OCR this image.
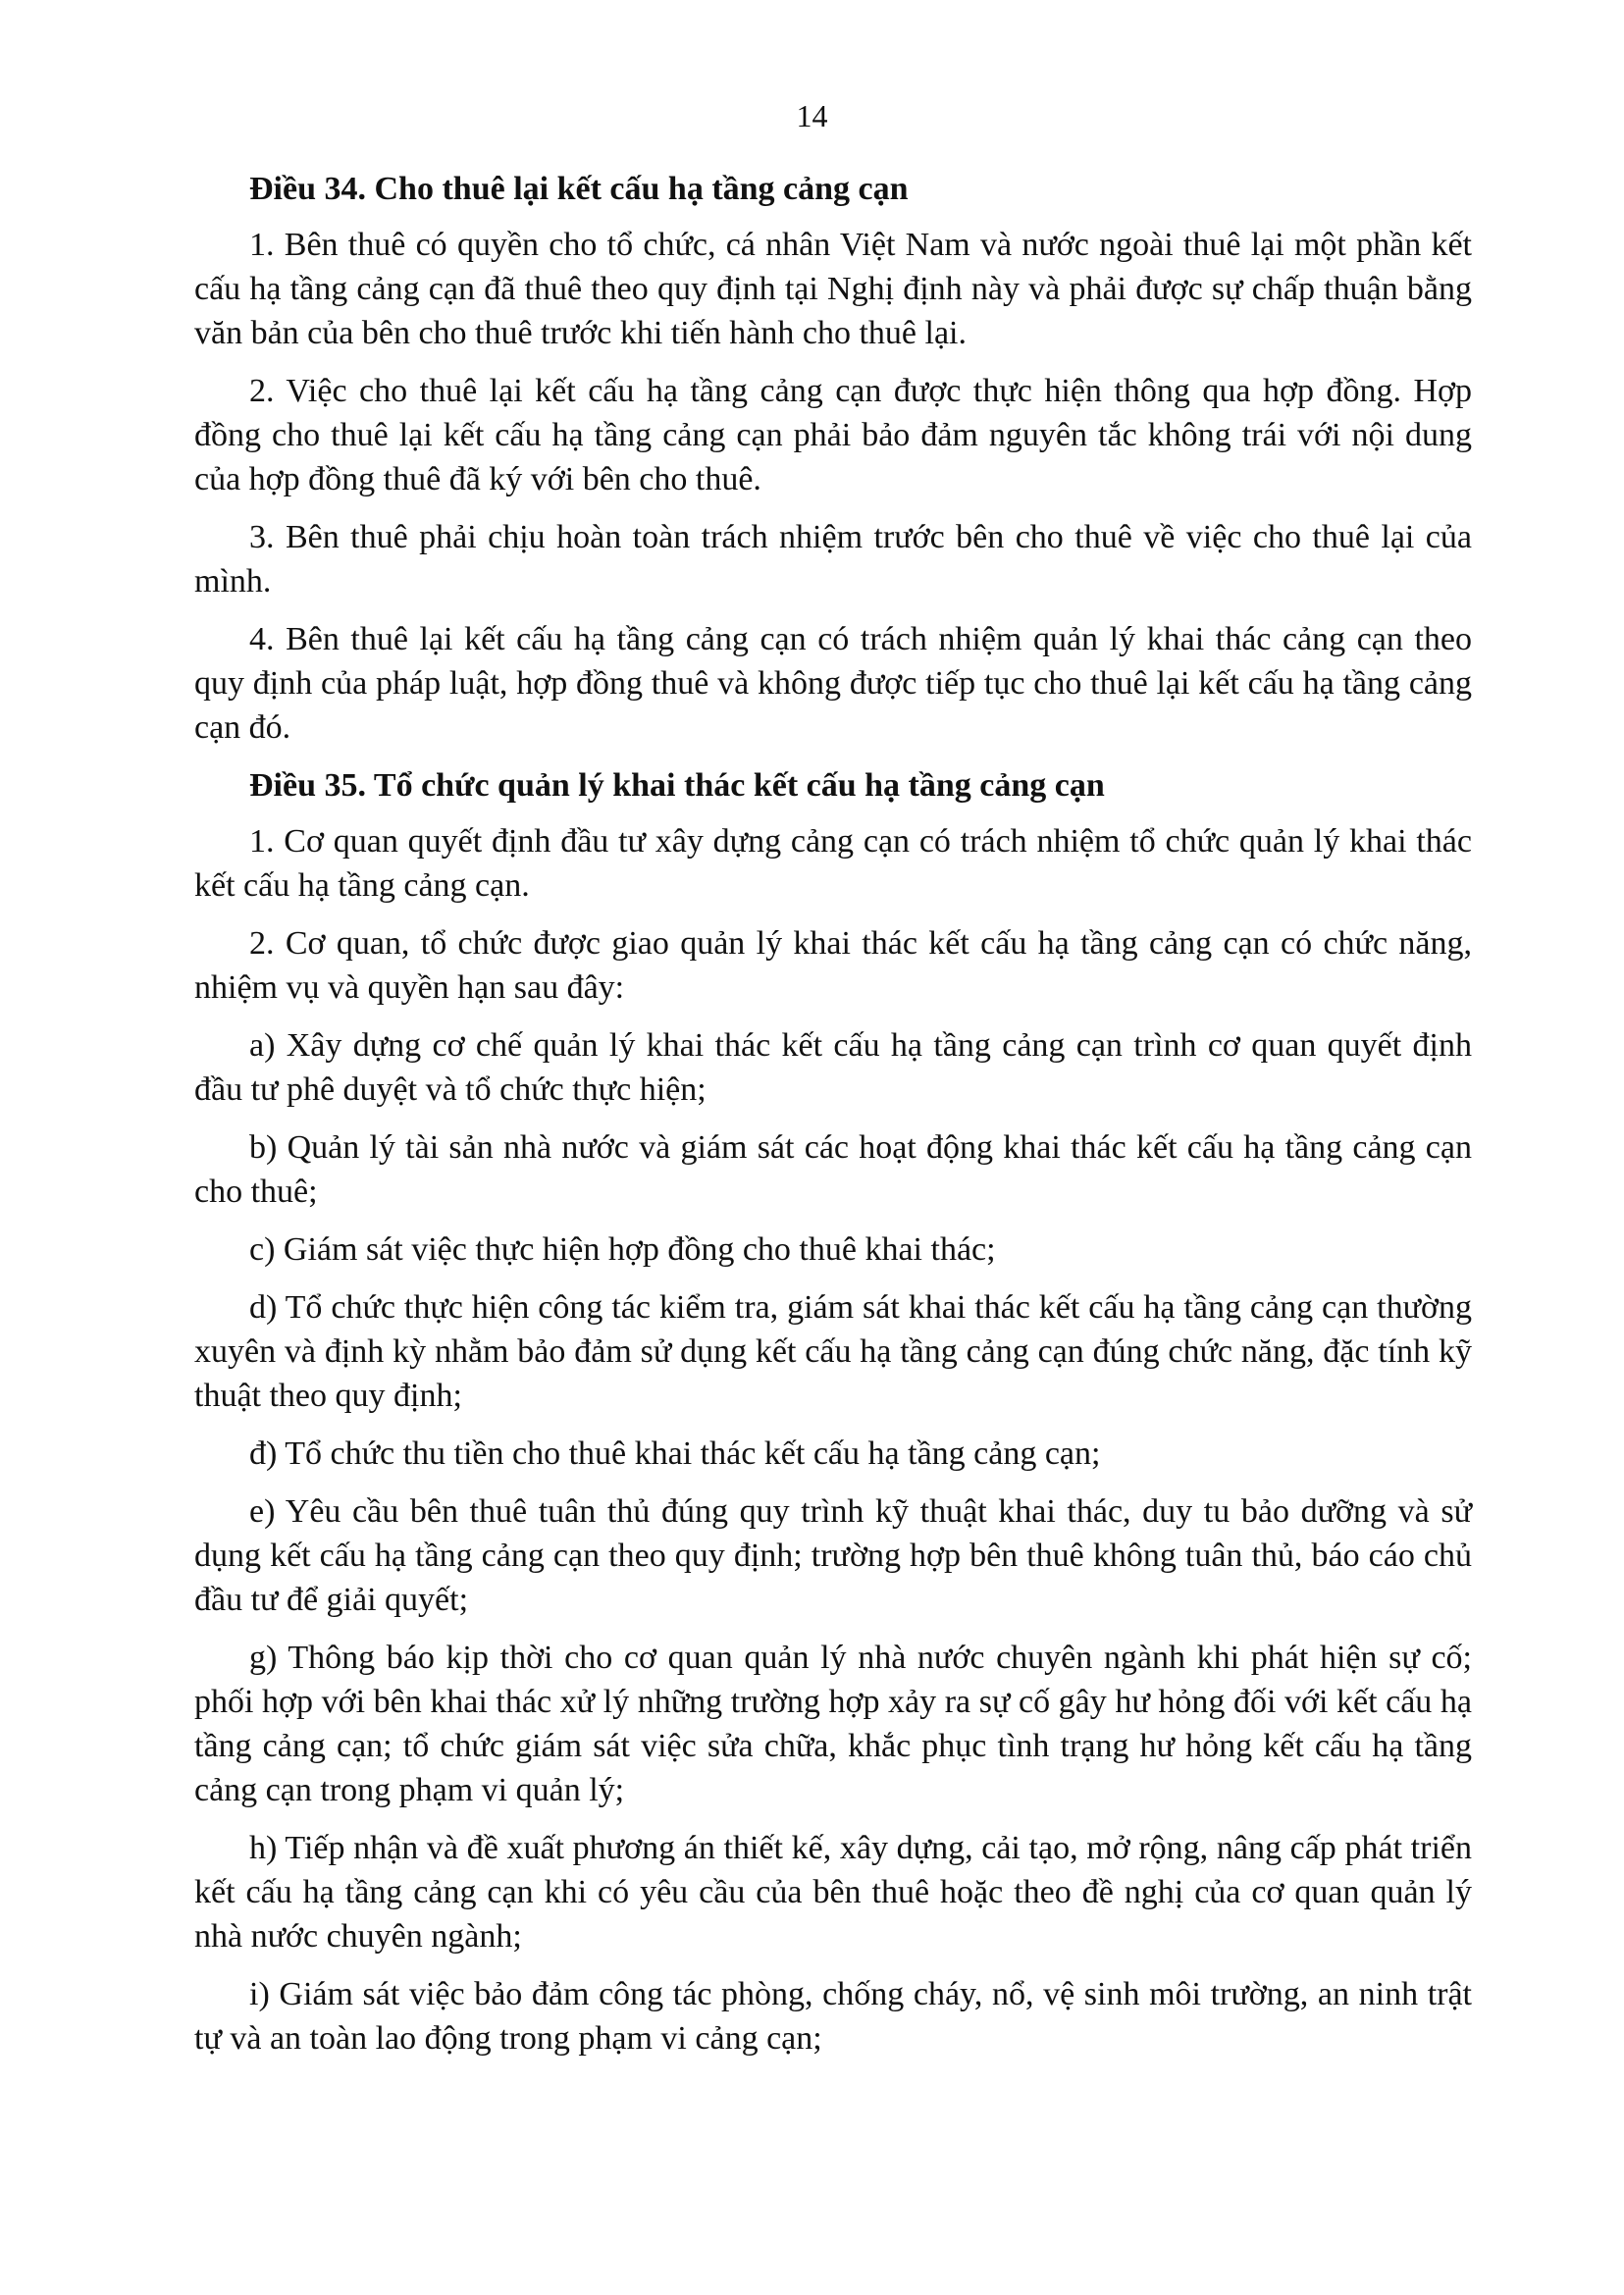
14
Điều 34. Cho thuê lại kết cấu hạ tầng cảng cạn
1. Bên thuê có quyền cho tổ chức, cá nhân Việt Nam và nước ngoài thuê lại một phần kết cấu hạ tầng cảng cạn đã thuê theo quy định tại Nghị định này và phải được sự chấp thuận bằng văn bản của bên cho thuê trước khi tiến hành cho thuê lại.
2. Việc cho thuê lại kết cấu hạ tầng cảng cạn được thực hiện thông qua hợp đồng. Hợp đồng cho thuê lại kết cấu hạ tầng cảng cạn phải bảo đảm nguyên tắc không trái với nội dung của hợp đồng thuê đã ký với bên cho thuê.
3. Bên thuê phải chịu hoàn toàn trách nhiệm trước bên cho thuê về việc cho thuê lại của mình.
4. Bên thuê lại kết cấu hạ tầng cảng cạn có trách nhiệm quản lý khai thác cảng cạn theo quy định của pháp luật, hợp đồng thuê và không được tiếp tục cho thuê lại kết cấu hạ tầng cảng cạn đó.
Điều 35. Tổ chức quản lý khai thác kết cấu hạ tầng cảng cạn
1. Cơ quan quyết định đầu tư xây dựng cảng cạn có trách nhiệm tổ chức quản lý khai thác kết cấu hạ tầng cảng cạn.
2. Cơ quan, tổ chức được giao quản lý khai thác kết cấu hạ tầng cảng cạn có chức năng, nhiệm vụ và quyền hạn sau đây:
a) Xây dựng cơ chế quản lý khai thác kết cấu hạ tầng cảng cạn trình cơ quan quyết định đầu tư phê duyệt và tổ chức thực hiện;
b) Quản lý tài sản nhà nước và giám sát các hoạt động khai thác kết cấu hạ tầng cảng cạn cho thuê;
c) Giám sát việc thực hiện hợp đồng cho thuê khai thác;
d) Tổ chức thực hiện công tác kiểm tra, giám sát khai thác kết cấu hạ tầng cảng cạn thường xuyên và định kỳ nhằm bảo đảm sử dụng kết cấu hạ tầng cảng cạn đúng chức năng, đặc tính kỹ thuật theo quy định;
đ) Tổ chức thu tiền cho thuê khai thác kết cấu hạ tầng cảng cạn;
e) Yêu cầu bên thuê tuân thủ đúng quy trình kỹ thuật khai thác, duy tu bảo dưỡng và sử dụng kết cấu hạ tầng cảng cạn theo quy định; trường hợp bên thuê không tuân thủ, báo cáo chủ đầu tư để giải quyết;
g) Thông báo kịp thời cho cơ quan quản lý nhà nước chuyên ngành khi phát hiện sự cố; phối hợp với bên khai thác xử lý những trường hợp xảy ra sự cố gây hư hỏng đối với kết cấu hạ tầng cảng cạn; tổ chức giám sát việc sửa chữa, khắc phục tình trạng hư hỏng kết cấu hạ tầng cảng cạn trong phạm vi quản lý;
h) Tiếp nhận và đề xuất phương án thiết kế, xây dựng, cải tạo, mở rộng, nâng cấp phát triển kết cấu hạ tầng cảng cạn khi có yêu cầu của bên thuê hoặc theo đề nghị của cơ quan quản lý nhà nước chuyên ngành;
i) Giám sát việc bảo đảm công tác phòng, chống cháy, nổ, vệ sinh môi trường, an ninh trật tự và an toàn lao động trong phạm vi cảng cạn;
